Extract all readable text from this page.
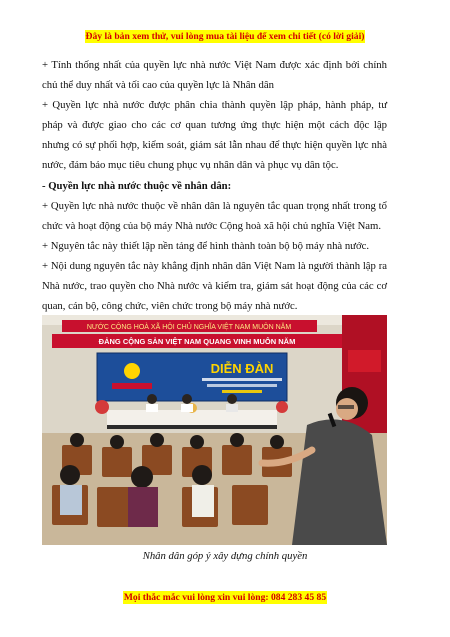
Đây là bản xem thử, vui lòng mua tài liệu để xem chi tiết (có lời giải)

+ Tính thống nhất của quyền lực nhà nước Việt Nam được xác định bởi chính chủ thể duy nhất và tối cao của quyền lực là Nhân dân

+ Quyền lực nhà nước được phân chia thành quyền lập pháp, hành pháp, tư pháp và được giao cho các cơ quan tương ứng thực hiện một cách độc lập nhưng có sự phối hợp, kiểm soát, giám sát lẫn nhau để thực hiện quyền lực nhà nước, đảm bảo mục tiêu chung phục vụ nhân dân và phục vụ dân tộc.

- Quyền lực nhà nước thuộc về nhân dân:

+ Quyền lực nhà nước thuộc về nhân dân là nguyên tắc quan trọng nhất trong tổ chức và hoạt động của bộ máy Nhà nước Cộng hoà xã hội chủ nghĩa Việt Nam.

+ Nguyên tắc này thiết lập nền tảng để hình thành toàn bộ bộ máy nhà nước.

+ Nội dung nguyên tắc này khẳng định nhân dân Việt Nam là người thành lập ra Nhà nước, trao quyền cho Nhà nước và kiểm tra, giám sát hoạt động của các cơ quan, cán bộ, công chức, viên chức trong bộ máy nhà nước.

NƯỚC CỘNG HOÀ XÃ HỘI CHỦ NGHĨA VIỆT NAM MUÔN NĂM
ĐẢNG CỘNG SẢN VIỆT NAM QUANG VINH MUÔN NĂM
DIỄN ĐÀN
Nhân dân góp ý xây dựng chính quyền
Mọi thắc mắc vui lòng xin vui lòng: 084 283 45 85
